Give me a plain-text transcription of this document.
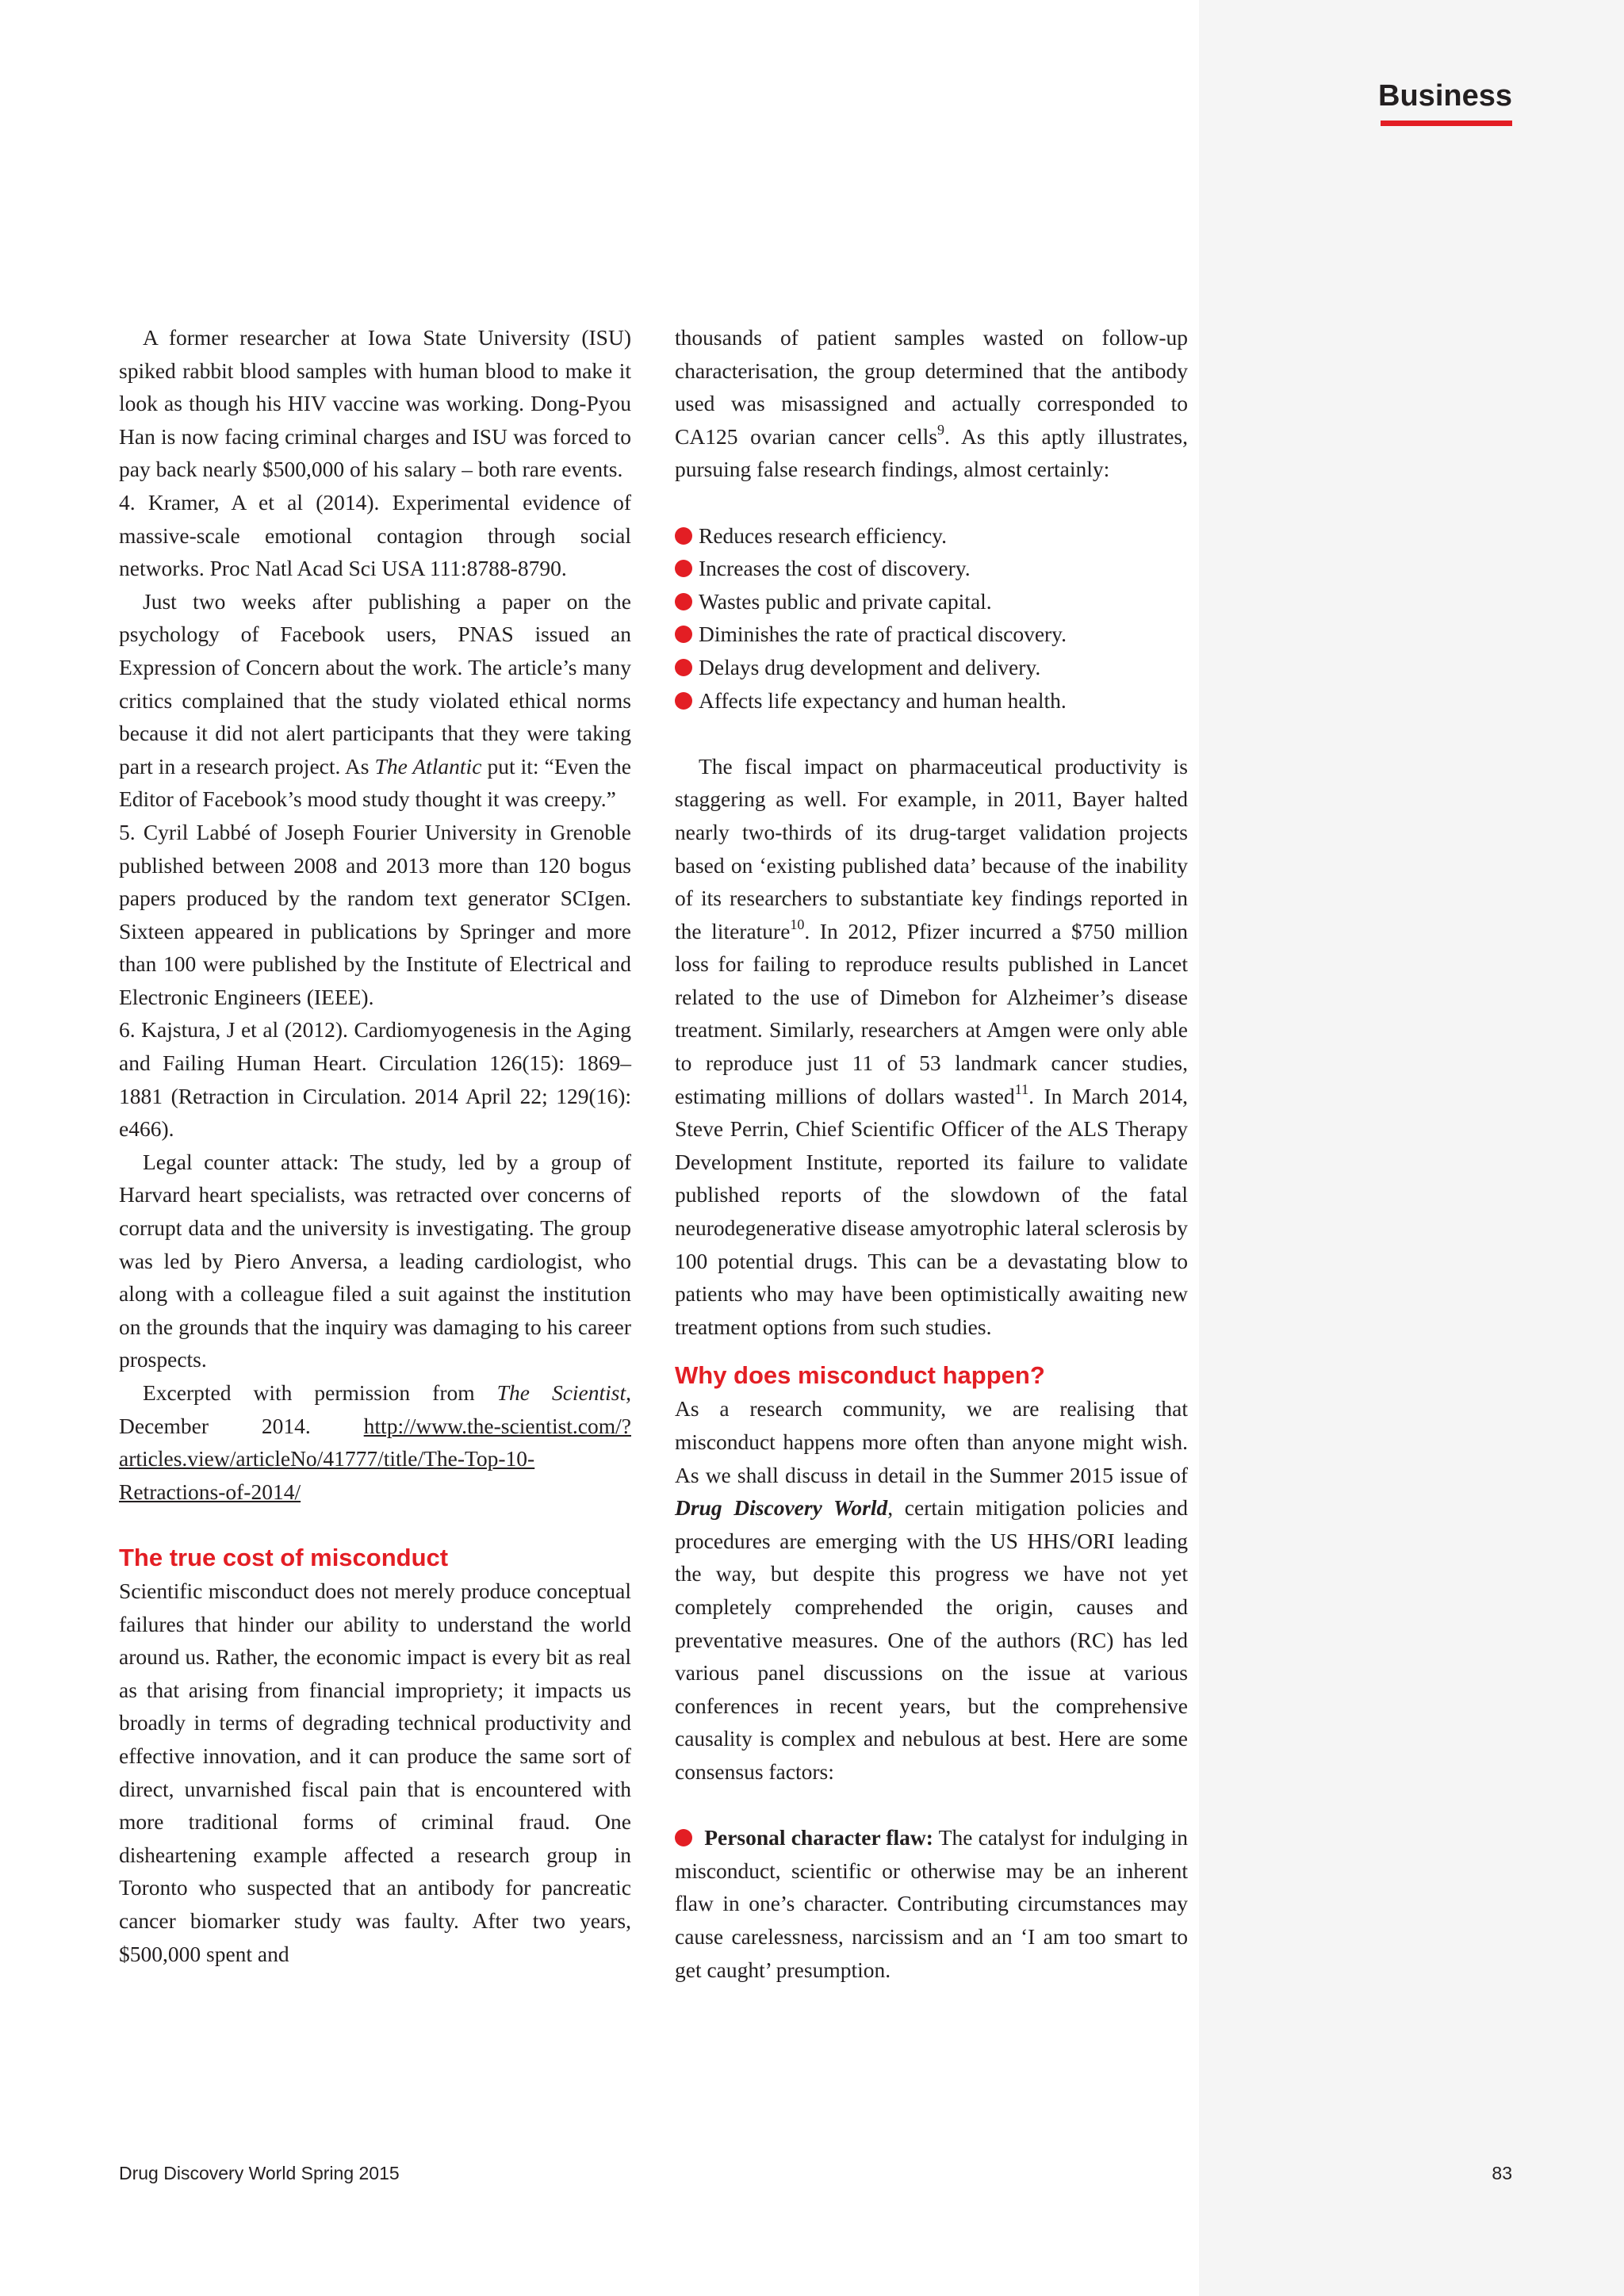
Business

A former researcher at Iowa State University (ISU) spiked rabbit blood samples with human blood to make it look as though his HIV vaccine was working. Dong-Pyou Han is now facing criminal charges and ISU was forced to pay back nearly $500,000 of his salary – both rare events.

4. Kramer, A et al (2014). Experimental evidence of massive-scale emotional contagion through social networks. Proc Natl Acad Sci USA 111:8788-8790.

Just two weeks after publishing a paper on the psychology of Facebook users, PNAS issued an Expression of Concern about the work. The article’s many critics complained that the study violated ethical norms because it did not alert participants that they were taking part in a research project. As The Atlantic put it: “Even the Editor of Facebook’s mood study thought it was creepy.”

5. Cyril Labbé of Joseph Fourier University in Grenoble published between 2008 and 2013 more than 120 bogus papers produced by the random text generator SCIgen. Sixteen appeared in publications by Springer and more than 100 were published by the Institute of Electrical and Electronic Engineers (IEEE).

6. Kajstura, J et al (2012). Cardiomyogenesis in the Aging and Failing Human Heart. Circulation 126(15): 1869–1881 (Retraction in Circulation. 2014 April 22; 129(16): e466).

Legal counter attack: The study, led by a group of Harvard heart specialists, was retracted over concerns of corrupt data and the university is investigating. The group was led by Piero Anversa, a leading cardiologist, who along with a colleague filed a suit against the institution on the grounds that the inquiry was damaging to his career prospects.

Excerpted with permission from The Scientist, December 2014. http://www.the-scientist.com/?articles.view/articleNo/41777/title/The-Top-10-Retractions-of-2014/

The true cost of misconduct

Scientific misconduct does not merely produce conceptual failures that hinder our ability to understand the world around us. Rather, the economic impact is every bit as real as that arising from financial impropriety; it impacts us broadly in terms of degrading technical productivity and effective innovation, and it can produce the same sort of direct, unvarnished fiscal pain that is encountered with more traditional forms of criminal fraud. One disheartening example affected a research group in Toronto who suspected that an antibody for pancreatic cancer biomarker study was faulty. After two years, $500,000 spent and

thousands of patient samples wasted on follow-up characterisation, the group determined that the antibody used was misassigned and actually corresponded to CA125 ovarian cancer cells$^9$. As this aptly illustrates, pursuing false research findings, almost certainly:

Reduces research efficiency.
Increases the cost of discovery.
Wastes public and private capital.
Diminishes the rate of practical discovery.
Delays drug development and delivery.
Affects life expectancy and human health.

The fiscal impact on pharmaceutical productivity is staggering as well. For example, in 2011, Bayer halted nearly two-thirds of its drug-target validation projects based on ‘existing published data’ because of the inability of its researchers to substantiate key findings reported in the literature$^{10}$. In 2012, Pfizer incurred a $750 million loss for failing to reproduce results published in Lancet related to the use of Dimebon for Alzheimer’s disease treatment. Similarly, researchers at Amgen were only able to reproduce just 11 of 53 landmark cancer studies, estimating millions of dollars wasted$^{11}$. In March 2014, Steve Perrin, Chief Scientific Officer of the ALS Therapy Development Institute, reported its failure to validate published reports of the slowdown of the fatal neurodegenerative disease amyotrophic lateral sclerosis by 100 potential drugs. This can be a devastating blow to patients who may have been optimistically awaiting new treatment options from such studies.

Why does misconduct happen?

As a research community, we are realising that misconduct happens more often than anyone might wish. As we shall discuss in detail in the Summer 2015 issue of Drug Discovery World, certain mitigation policies and procedures are emerging with the US HHS/ORI leading the way, but despite this progress we have not yet completely comprehended the origin, causes and preventative measures. One of the authors (RC) has led various panel discussions on the issue at various conferences in recent years, but the comprehensive causality is complex and nebulous at best. Here are some consensus factors:

Personal character flaw: The catalyst for indulging in misconduct, scientific or otherwise may be an inherent flaw in one’s character. Contributing circumstances may cause carelessness, narcissism and an ‘I am too smart to get caught’ presumption.

Drug Discovery World Spring 2015	83
